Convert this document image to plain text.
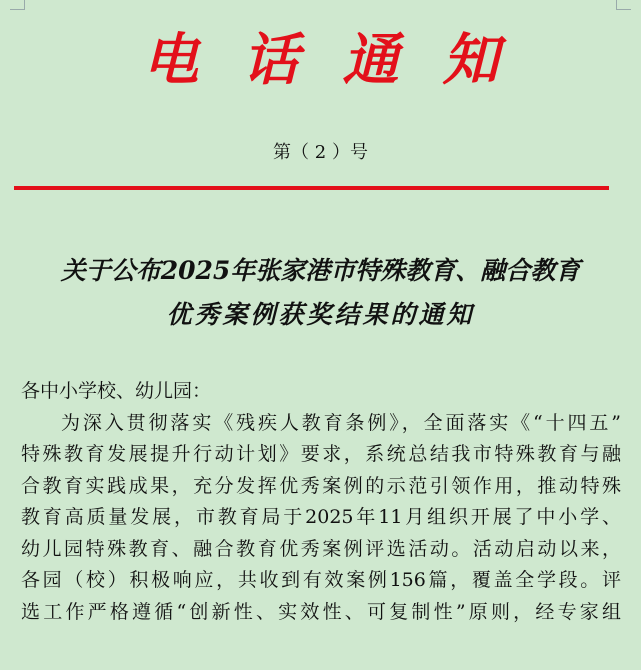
电话通知
第（ 2 ）号
关于公布2025年张家港市特殊教育、融合教育
优秀案例获奖结果的通知

各中小学校、幼儿园：

为深入贯彻落实《残疾人教育条例》，全面落实《“十四五”

特殊教育发展提升行动计划》要求，系统总结我市特殊教育与融

合教育实践成果，充分发挥优秀案例的示范引领作用，推动特殊

教育高质量发展，市教育局于2025年11月组织开展了中小学、

幼儿园特殊教育、融合教育优秀案例评选活动。活动启动以来，

各园（校）积极响应，共收到有效案例156篇，覆盖全学段。评

选工作严格遵循“创新性、实效性、可复制性”原则，经专家组
